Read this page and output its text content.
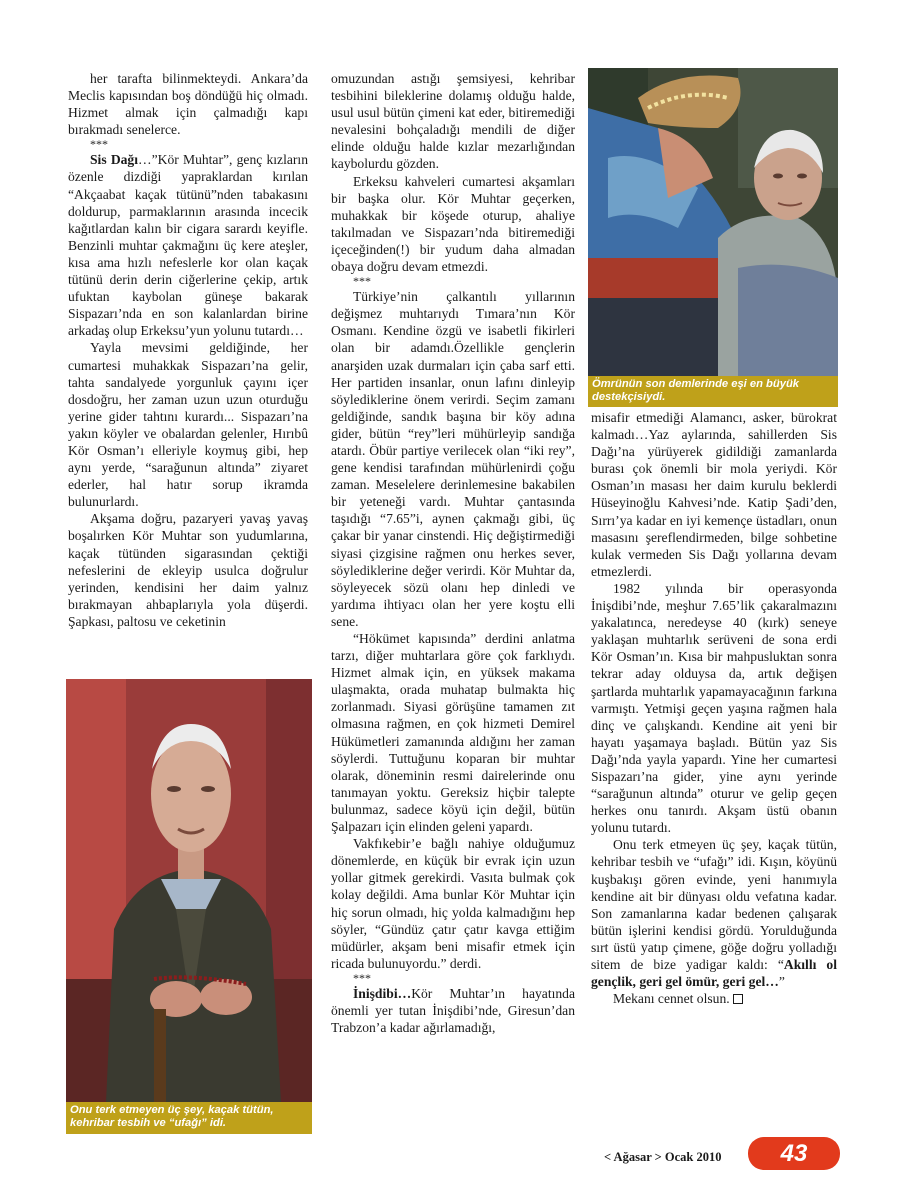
her tarafta bilinmekteydi. Ankara’da Meclis kapısından boş döndüğü hiç olmadı. Hizmet almak için çalmadığı kapı bırakmadı senelerce.

***

Sis Dağı…”Kör Muhtar”, genç kızların özenle dizdiği yapraklardan kırılan “Akçaabat kaçak tütünü”nden tabakasını doldurup, parmaklarının arasında incecik kağıtlardan kalın bir cigara sarardı keyifle. Benzinli muhtar çakmağını üç kere ateşler, kısa ama hızlı nefeslerle kor olan kaçak tütünü derin derin ciğerlerine çekip, artık ufuktan kaybolan güneşe bakarak Sispazarı’nda en son kalanlardan birine arkadaş olup Erkeksu’yun yolunu tutardı…

Yayla mevsimi geldiğinde, her cumartesi muhakkak Sispazarı’na gelir, tahta sandalyede yorgunluk çayını içer dosdoğru, her zaman uzun uzun oturduğu yerine gider tahtını kurardı... Sispazarı’na yakın köyler ve obalardan gelenler, Hırıbû Kör Osman’ı elleriyle koymuş gibi, hep aynı yerde, “sarağunun altında” ziyaret ederler, hal hatır sorup ikramda bulunurlardı.

Akşama doğru, pazaryeri yavaş yavaş boşalırken Kör Muhtar son yudumlarına, kaçak tütünden sigarasından çektiği nefeslerini de ekleyip usulca doğrulur yerinden, kendisini her daim yalnız bırakmayan ahbaplarıyla yola düşerdi. Şapkası, paltosu ve ceketinin

omuzundan astığı şemsiyesi, kehribar tesbihini bileklerine dolamış olduğu halde, usul usul bütün çimeni kat eder, bitiremediği nevalesini bohçaladığı mendili de diğer elinde olduğu halde kızlar mezarlığından kaybolurdu gözden.

Erkeksu kahveleri cumartesi akşamları bir başka olur. Kör Muhtar geçerken, muhakkak bir köşede oturup, ahaliye takılmadan ve Sispazarı’nda bitiremediği içeceğinden(!) bir yudum daha almadan obaya doğru devam etmezdi.

***

Türkiye’nin çalkantılı yıllarının değişmez muhtarıydı Tımara’nın Kör Osmanı. Kendine özgü ve isabetli fikirleri olan bir adamdı.Özellikle gençlerin anarşiden uzak durmaları için çaba sarf etti. Her partiden insanlar, onun lafını dinleyip söylediklerine önem verirdi. Seçim zamanı geldiğinde, sandık başına bir köy adına gider, bütün “rey”leri mühürleyip sandığa atardı. Öbür partiye verilecek olan “iki rey”, gene kendisi tarafından mühürlenirdi çoğu zaman. Meselelere derinlemesine bakabilen bir yeteneği vardı. Muhtar çantasında taşıdığı “7.65”i, aynen çakmağı gibi, üç çakar bir yanar cinstendi. Hiç değiştirmediği siyasi çizgisine rağmen onu herkes sever, söylediklerine değer verirdi. Kör Muhtar da, söyleyecek sözü olanı hep dinledi ve yardıma ihtiyacı olan her yere koştu elli sene.

“Hökümet kapısında” derdini anlatma tarzı, diğer muhtarlara göre çok farklıydı. Hizmet almak için, en yüksek makama ulaşmakta, orada muhatap bulmakta hiç zorlanmadı. Siyasi görüşüne tamamen zıt olmasına rağmen, en çok hizmeti Demirel Hükümetleri zamanında aldığını her zaman söylerdi. Tuttuğunu koparan bir muhtar olarak, döneminin resmi dairelerinde onu tanımayan yoktu. Gereksiz hiçbir talepte bulunmaz, sadece köyü için değil, bütün Şalpazarı için elinden geleni yapardı.

Vakfıkebir’e bağlı nahiye olduğumuz dönemlerde, en küçük bir evrak için uzun yollar gitmek gerekirdi. Vasıta bulmak çok kolay değildi. Ama bunlar Kör Muhtar için hiç sorun olmadı, hiç yolda kalmadığını hep söyler, “Gündüz çatır çatır kavga ettiğim müdürler, akşam beni misafir etmek için ricada bulunuyordu.” derdi.

***

İnişdibi…Kör Muhtar’ın hayatında önemli yer tutan İnişdibi’nde, Giresun’dan Trabzon’a kadar ağırlamadığı,

misafir etmediği Alamancı, asker, bürokrat kalmadı…Yaz aylarında, sahillerden Sis Dağı’na yürüyerek gidildiği zamanlarda burası çok önemli bir mola yeriydi. Kör Osman’ın masası her daim kurulu beklerdi Hüseyinoğlu Kahvesi’nde. Katip Şadi’den, Sırrı’ya kadar en iyi kemençe üstadları, onun masasını şereflendirmeden, bilge sohbetine kulak vermeden Sis Dağı yollarına devam etmezlerdi.

1982 yılında bir operasyonda İnişdibi’nde, meşhur 7.65’lik çakaralmazını yakalatınca, neredeyse 40 (kırk) seneye yaklaşan muhtarlık serüveni de sona erdi Kör Osman’ın. Kısa bir mahpusluktan sonra tekrar aday olduysa da, artık değişen şartlarda muhtarlık yapamayacağının farkına varmıştı. Yetmişi geçen yaşına rağmen hala dinç ve çalışkandı. Kendine ait yeni bir hayatı yaşamaya başladı. Bütün yaz Sis Dağı’nda yayla yapardı. Yine her cumartesi Sispazarı’na gider, yine aynı yerinde “sarağunun altında” oturur ve gelip geçen herkes onu tanırdı. Akşam üstü obanın yolunu tutardı.

Onu terk etmeyen üç şey, kaçak tütün, kehribar tesbih ve “ufağı” idi. Kışın, köyünü kuşbakışı gören evinde, yeni hanımıyla kendine ait bir dünyası oldu vefatına kadar. Son zamanlarına kadar bedenen çalışarak bütün işlerini kendisi gördü. Yorulduğunda sırt üstü yatıp çimene, göğe doğru yolladığı sitem de bize yadigar kaldı: “Akıllı ol gençlik, geri gel ömür, geri gel…”

Mekanı cennet olsun.

Onu terk etmeyen üç şey, kaçak tütün, kehribar tesbih ve “ufağı” idi.
Ömrünün son demlerinde eşi en büyük destekçisiydi.
< Ağasar > Ocak 2010	43
